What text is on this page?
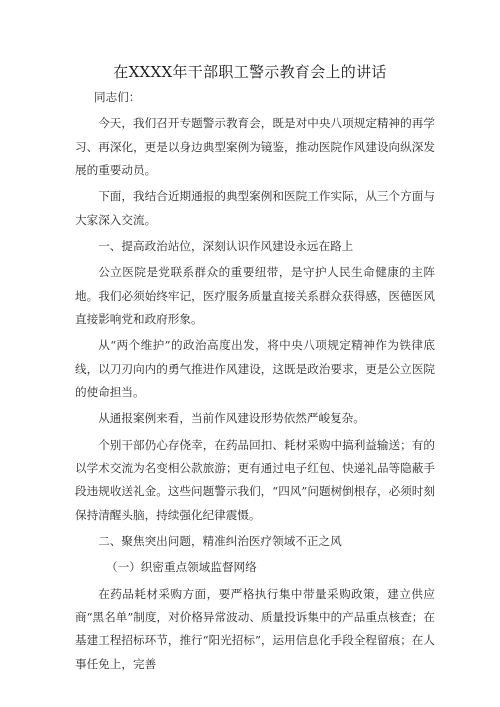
在XXXX年干部职工警示教育会上的讲话

同志们：

今天，我们召开专题警示教育会，既是对中央八项规定精神的再学习、再深化，更是以身边典型案例为镜鉴，推动医院作风建设向纵深发展的重要动员。

下面，我结合近期通报的典型案例和医院工作实际，从三个方面与大家深入交流。

一、提高政治站位，深刻认识作风建设永远在路上

公立医院是党联系群众的重要纽带，是守护人民生命健康的主阵地。我们必须始终牢记，医疗服务质量直接关系群众获得感，医德医风直接影响党和政府形象。

从“两个维护”的政治高度出发，将中央八项规定精神作为铁律底线，以刀刃向内的勇气推进作风建设，这既是政治要求，更是公立医院的使命担当。

从通报案例来看，当前作风建设形势依然严峻复杂。

个别干部仍心存侥幸，在药品回扣、耗材采购中搞利益输送；有的以学术交流为名变相公款旅游；更有通过电子红包、快递礼品等隐蔽手段违规收送礼金。这些问题警示我们，“四风”问题树倒根存，必须时刻保持清醒头脑，持续强化纪律震慑。

二、聚焦突出问题，精准纠治医疗领域不正之风

（一）织密重点领域监督网络

在药品耗材采购方面，要严格执行集中带量采购政策，建立供应商“黑名单”制度，对价格异常波动、质量投诉集中的产品重点核查；在基建工程招标环节，推行“阳光招标”，运用信息化手段全程留痕；在人事任免上，完善
